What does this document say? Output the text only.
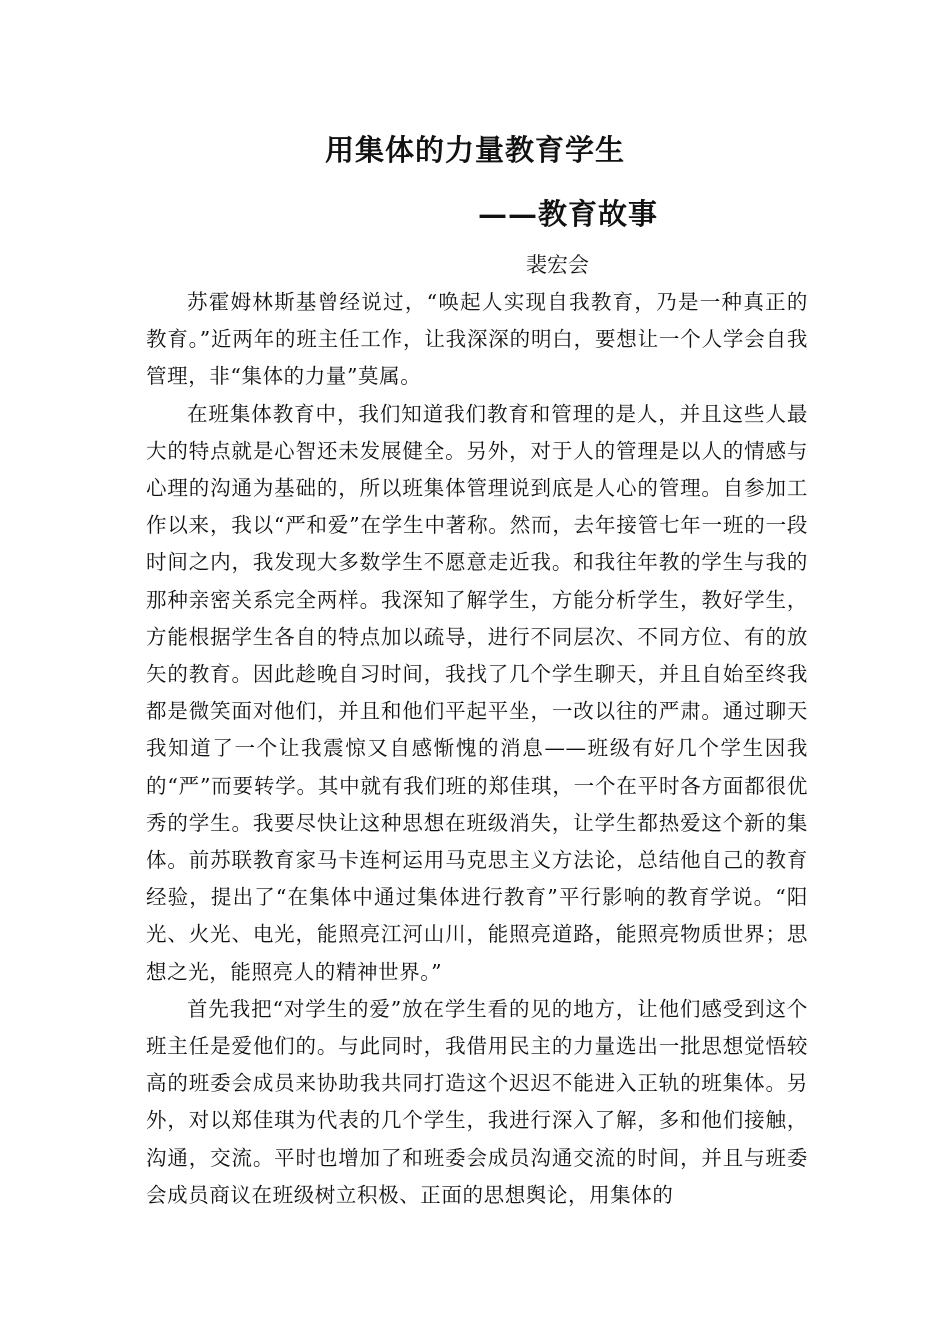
用集体的力量教育学生
——教育故事

裴宏会

苏霍姆林斯基曾经说过，“唤起人实现自我教育，乃是一种真正的教育。”近两年的班主任工作，让我深深的明白，要想让一个人学会自我管理，非“集体的力量”莫属。

在班集体教育中，我们知道我们教育和管理的是人，并且这些人最大的特点就是心智还未发展健全。另外，对于人的管理是以人的情感与心理的沟通为基础的，所以班集体管理说到底是人心的管理。自参加工作以来，我以“严和爱”在学生中著称。然而，去年接管七年一班的一段时间之内，我发现大多数学生不愿意走近我。和我往年教的学生与我的那种亲密关系完全两样。我深知了解学生，方能分析学生，教好学生，方能根据学生各自的特点加以疏导，进行不同层次、不同方位、有的放矢的教育。因此趁晚自习时间，我找了几个学生聊天，并且自始至终我都是微笑面对他们，并且和他们平起平坐，一改以往的严肃。通过聊天我知道了一个让我震惊又自感惭愧的消息——班级有好几个学生因我的“严”而要转学。其中就有我们班的郑佳琪，一个在平时各方面都很优秀的学生。我要尽快让这种思想在班级消失，让学生都热爱这个新的集体。前苏联教育家马卡连柯运用马克思主义方法论，总结他自己的教育经验，提出了“在集体中通过集体进行教育”平行影响的教育学说。“阳光、火光、电光，能照亮江河山川，能照亮道路，能照亮物质世界；思想之光，能照亮人的精神世界。”

首先我把“对学生的爱”放在学生看的见的地方，让他们感受到这个班主任是爱他们的。与此同时，我借用民主的力量选出一批思想觉悟较高的班委会成员来协助我共同打造这个迟迟不能进入正轨的班集体。另外，对以郑佳琪为代表的几个学生，我进行深入了解，多和他们接触，沟通，交流。平时也增加了和班委会成员沟通交流的时间，并且与班委会成员商议在班级树立积极、正面的思想舆论，用集体的
